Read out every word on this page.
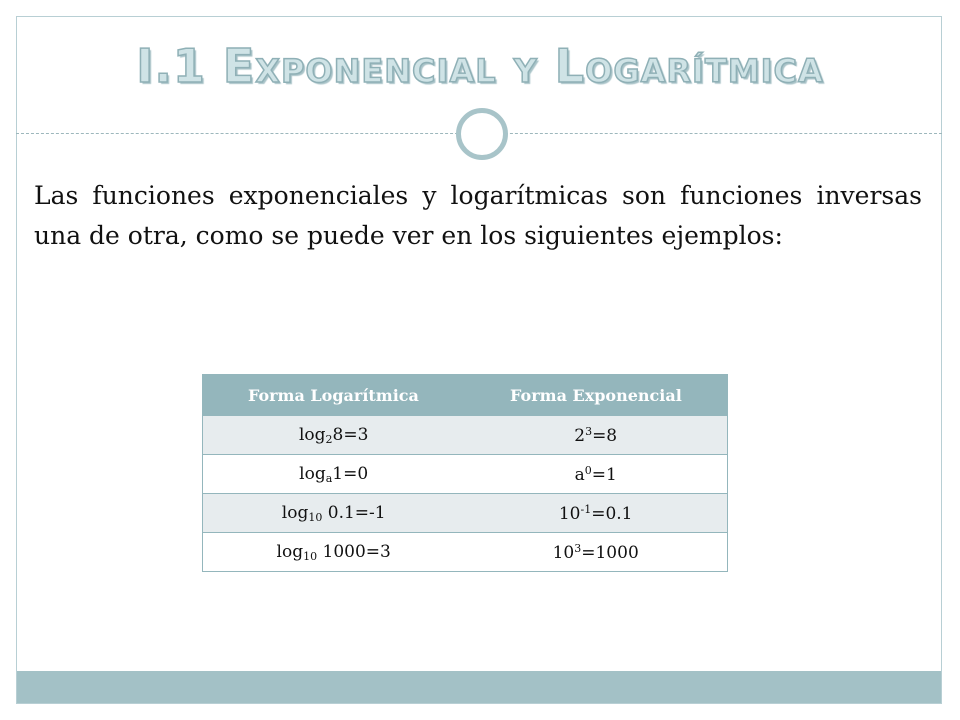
I.1 Exponencial y Logarítmica
Las funciones exponenciales y logarítmicas son funciones inversas una de otra, como se puede ver en los siguientes ejemplos:
Forma Logarítmica	Forma Exponencial
$\log_28=3$	$2^3=8$
$\log_a1=0$	$a^0=1$
$\log_{10} 0.1=-1$	$10^{-1}=0.1$
$\log_{10} 1000=3$	$10^3=1000$
